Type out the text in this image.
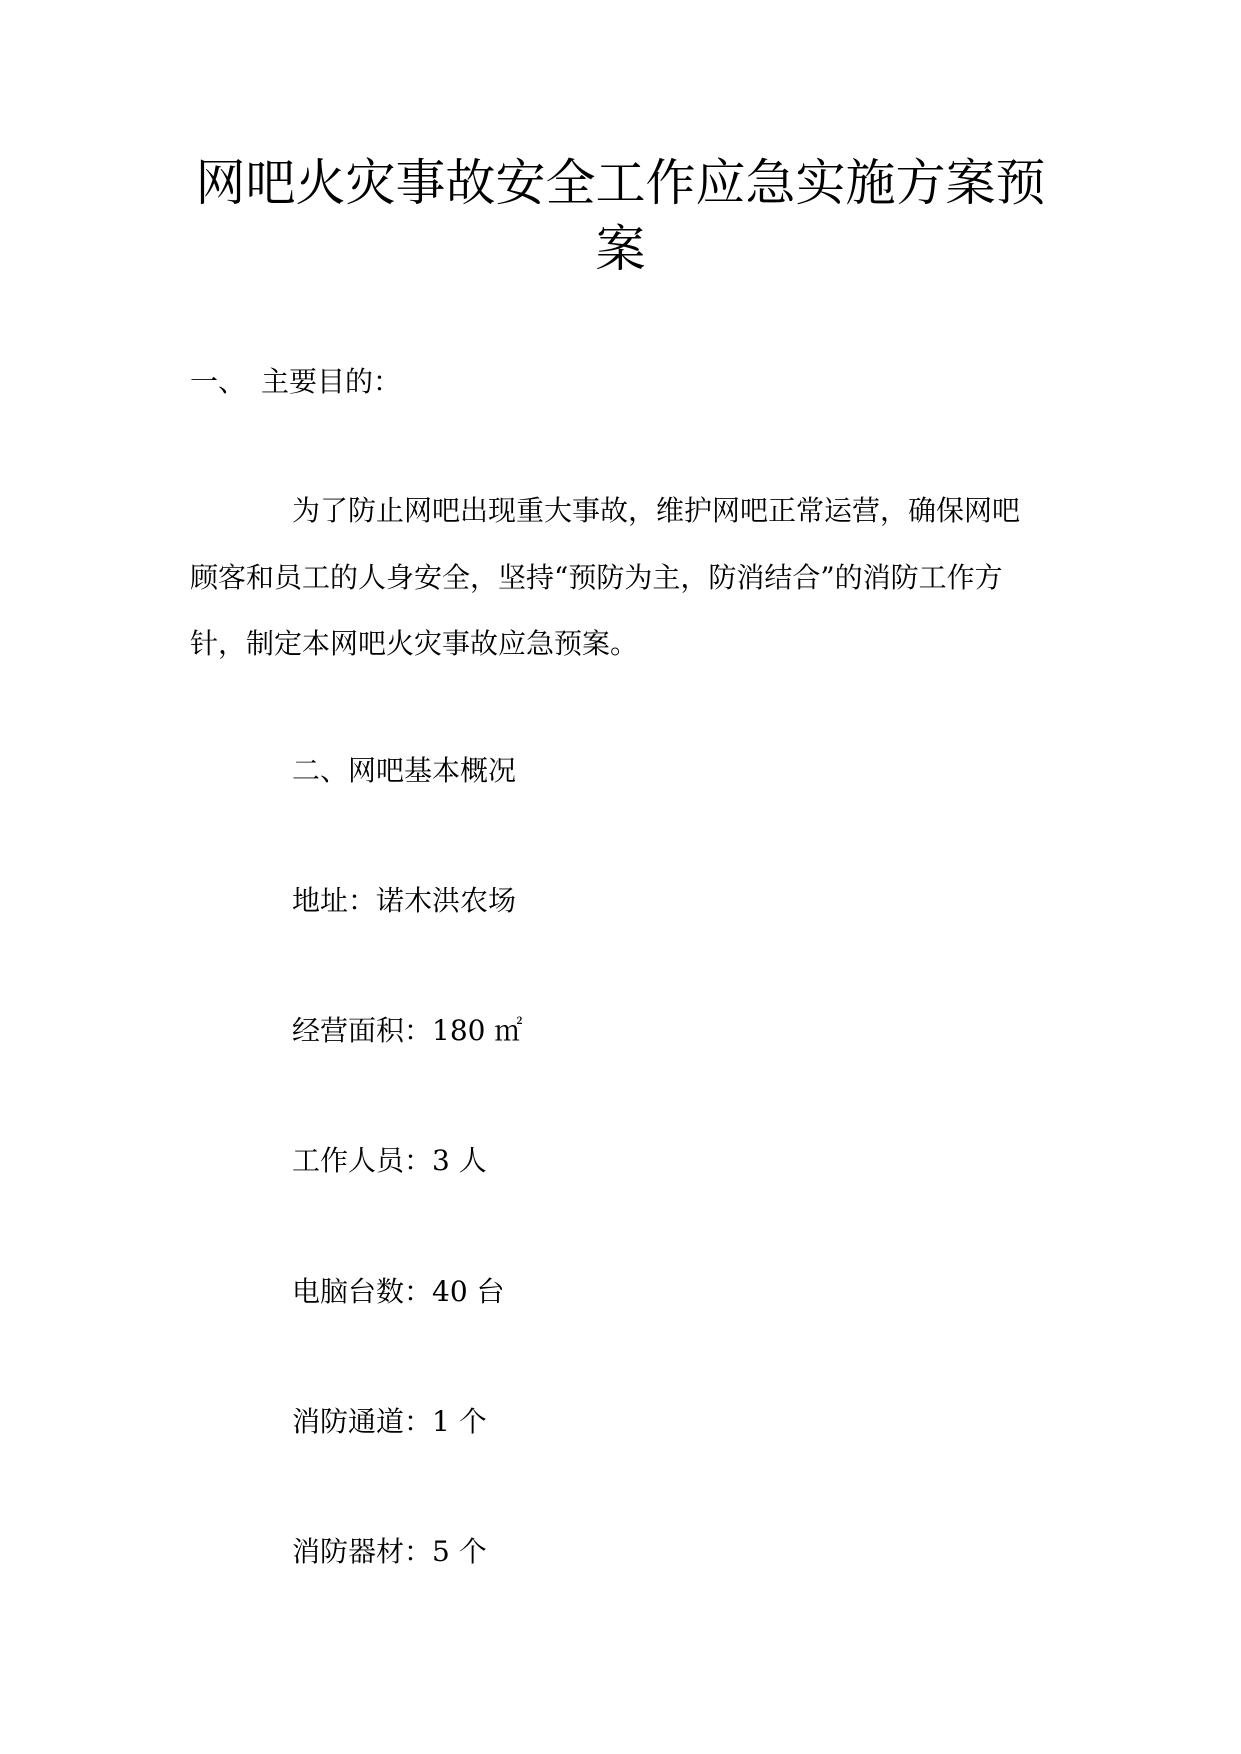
网吧火灾事故安全工作应急实施方案预
案

一、 主要目的：

为了防止网吧出现重大事故，维护网吧正常运营，确保网吧

顾客和员工的人身安全，坚持“预防为主，防消结合”的消防工作方

针，制定本网吧火灾事故应急预案。

二、网吧基本概况

地址：诺木洪农场

经营面积：180 ㎡

工作人员：3 人

电脑台数：40 台

消防通道：1 个

消防器材：5 个
